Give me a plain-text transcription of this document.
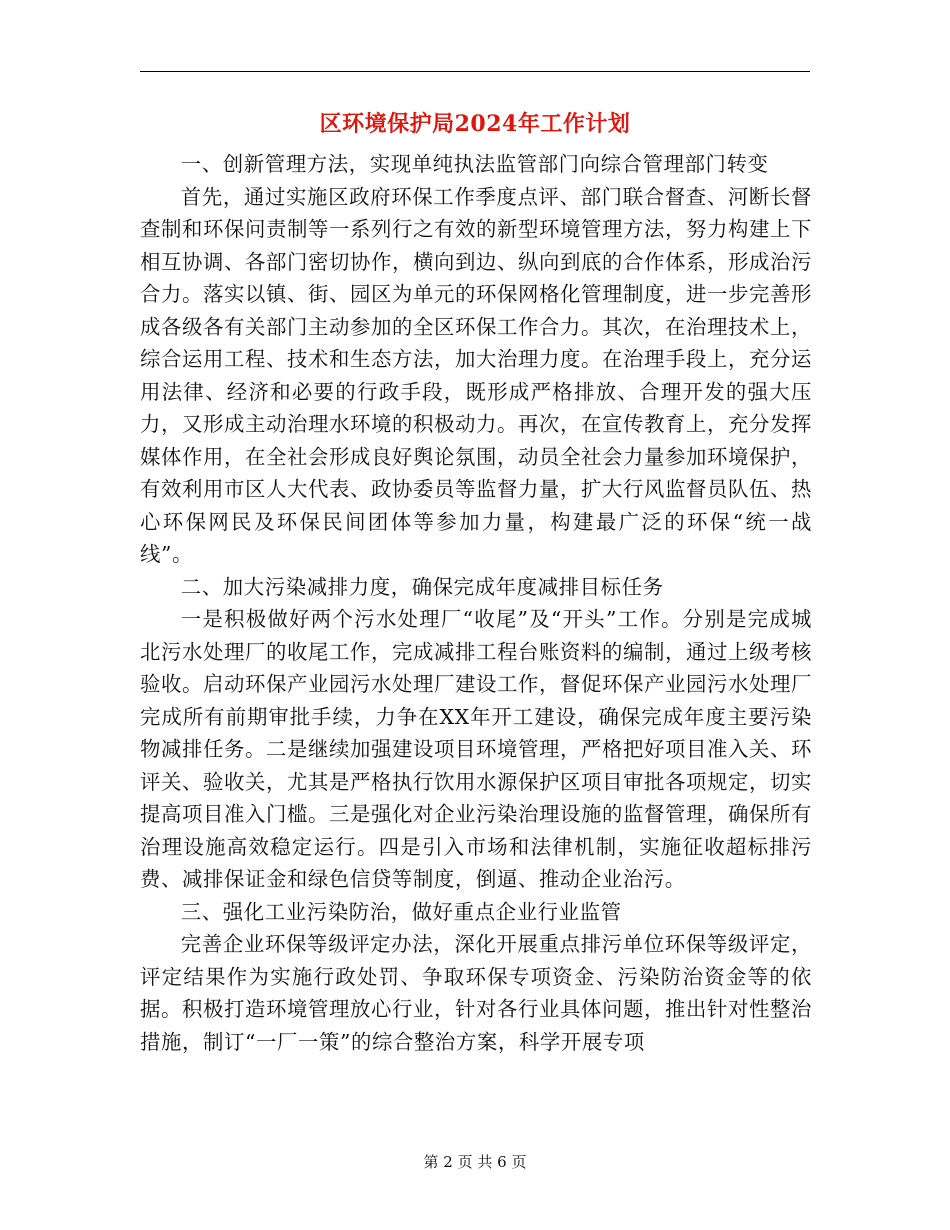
区环境保护局2024年工作计划

一、创新管理方法，实现单纯执法监管部门向综合管理部门转变

首先，通过实施区政府环保工作季度点评、部门联合督查、河断长督查制和环保问责制等一系列行之有效的新型环境管理方法，努力构建上下相互协调、各部门密切协作，横向到边、纵向到底的合作体系，形成治污合力。落实以镇、街、园区为单元的环保网格化管理制度，进一步完善形成各级各有关部门主动参加的全区环保工作合力。其次，在治理技术上，综合运用工程、技术和生态方法，加大治理力度。在治理手段上，充分运用法律、经济和必要的行政手段，既形成严格排放、合理开发的强大压力，又形成主动治理水环境的积极动力。再次，在宣传教育上，充分发挥媒体作用，在全社会形成良好舆论氛围，动员全社会力量参加环境保护，有效利用市区人大代表、政协委员等监督力量，扩大行风监督员队伍、热心环保网民及环保民间团体等参加力量，构建最广泛的环保“统一战线”。

二、加大污染减排力度，确保完成年度减排目标任务

一是积极做好两个污水处理厂“收尾”及“开头”工作。分别是完成城北污水处理厂的收尾工作，完成减排工程台账资料的编制，通过上级考核验收。启动环保产业园污水处理厂建设工作，督促环保产业园污水处理厂完成所有前期审批手续，力争在XX年开工建设，确保完成年度主要污染物减排任务。二是继续加强建设项目环境管理，严格把好项目准入关、环评关、验收关，尤其是严格执行饮用水源保护区项目审批各项规定，切实提高项目准入门槛。三是强化对企业污染治理设施的监督管理，确保所有治理设施高效稳定运行。四是引入市场和法律机制，实施征收超标排污费、减排保证金和绿色信贷等制度，倒逼、推动企业治污。

三、强化工业污染防治，做好重点企业行业监管

完善企业环保等级评定办法，深化开展重点排污单位环保等级评定，评定结果作为实施行政处罚、争取环保专项资金、污染防治资金等的依据。积极打造环境管理放心行业，针对各行业具体问题，推出针对性整治措施，制订“一厂一策”的综合整治方案，科学开展专项

第 2 页 共 6 页
